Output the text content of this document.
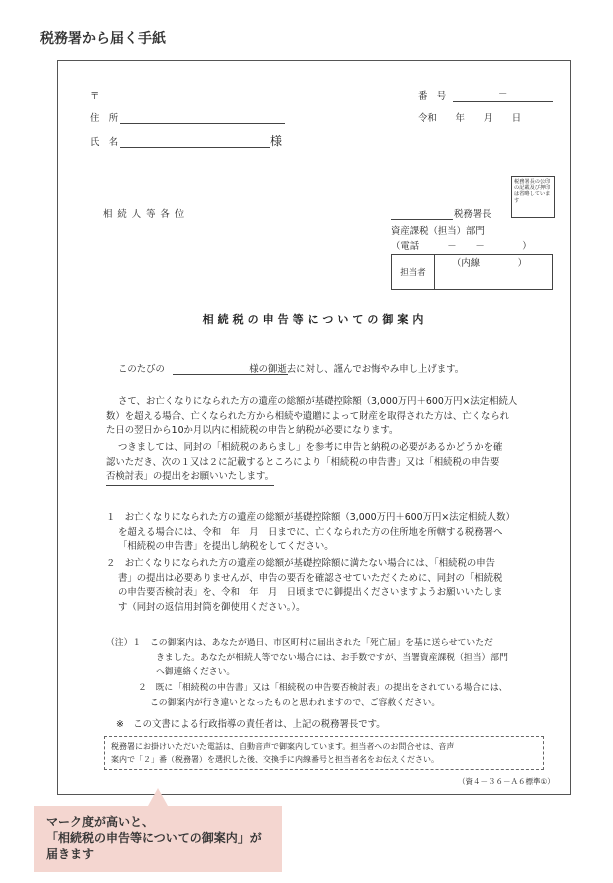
税務署から届く手紙
〒
住　所
氏　名	様
番　号	－
令和　　年　　月　　日
税務署長の公印の記載及び押印は省略しています
相 続 人 等 各 位	税務署長
資産課税（担当）部門
（電話　　　－　　－　　　　）
担当者
（内線　　　　）
相続税の申告等についての御案内
このたびの　　　　　　　　　様の御逝去に対し、謹んでお悔やみ申し上げます。
さて、お亡くなりになられた方の遺産の総額が基礎控除額（3,000万円＋600万円×法定相続人
数）を超える場合、亡くなられた方から相続や遺贈によって財産を取得された方は、亡くなられ
た日の翌日から10か月以内に相続税の申告と納税が必要になります。
つきましては、同封の「相続税のあらまし」を参考に申告と納税の必要があるかどうかを確
認いただき、次の１又は２に記載するところにより「相続税の申告書」又は「相続税の申告要
否検討表」の提出をお願いいたします。
１　お亡くなりになられた方の遺産の総額が基礎控除額（3,000万円＋600万円×法定相続人数）
を超える場合には、令和　年　月　日までに、亡くなられた方の住所地を所轄する税務署へ
「相続税の申告書」を提出し納税をしてください。
２　お亡くなりになられた方の遺産の総額が基礎控除額に満たない場合には、「相続税の申告
書」の提出は必要ありませんが、申告の要否を確認させていただくために、同封の「相続税
の申告要否検討表」を、令和　年　月　日頃までに御提出くださいますようお願いいたしま
す（同封の返信用封筒を御使用ください。）。
（注）１　この御案内は、あなたが過日、市区町村に届出された「死亡届」を基に送らせていただ
きました。あなたが相続人等でない場合には、お手数ですが、当署資産課税（担当）部門
へ御連絡ください。
２　既に「相続税の申告書」又は「相続税の申告要否検討表」の提出をされている場合には、
この御案内が行き違いとなったものと思われますので、ご容赦ください。
※　この文書による行政指導の責任者は、上記の税務署長です。
税務署にお掛けいただいた電話は、自動音声で御案内しています。担当者へのお問合せは、音声
案内で「２」番（税務署）を選択した後、交換手に内線番号と担当者名をお伝えください。
（資４－３６－Ａ６標準①）
マーク度が高いと、
「相続税の申告等についての御案内」が
届きます
